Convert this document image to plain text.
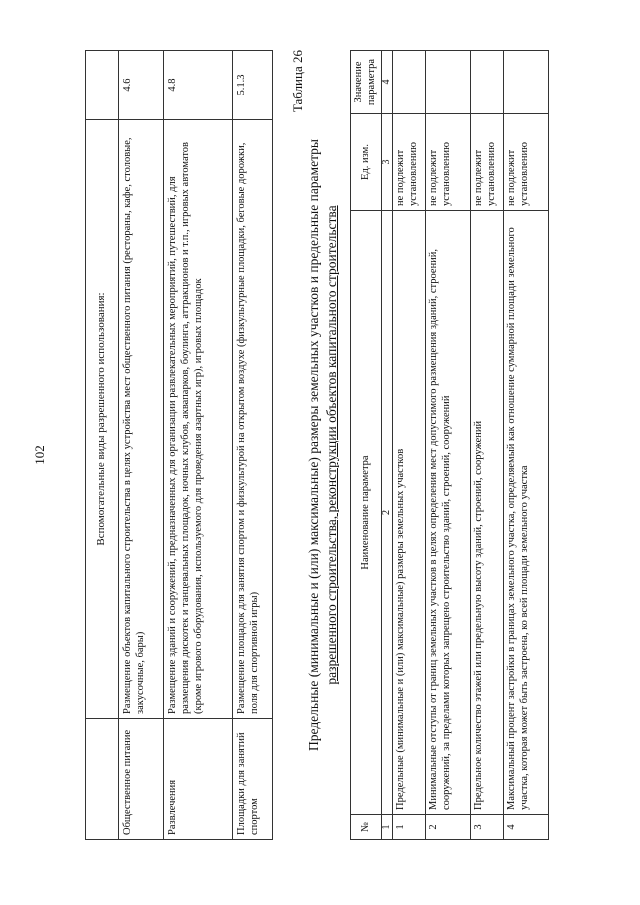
102
		Вспомогательные виды разрешенного использования:	
Общественное питание	Размещение объектов капитального строительства в целях устройства мест общественного питания (рестораны, кафе, столовые, закусочные, бары)	4.6
Развлечения	Размещение зданий и сооружений, предназначенных для организации развлекательных мероприятий, путешествий, для размещения дискотек и танцевальных площадок, ночных клубов, аквапарков, боулинга, аттракционов и т.п., игровых автоматов (кроме игрового оборудования, используемого для проведения азартных игр), игровых площадок	4.8
Площадки для занятий спортом	Размещение площадок для занятия спортом и физкультурой на открытом воздухе (физкультурные площадки, беговые дорожки, поля для спортивной игры)	5.1.3	Таблица 26
Предельные (минимальные и (или) максимальные) размеры земельных участков и предельные параметры разрешенного строительства, реконструкции объектов капитального строительства
№	Наименование параметра	Ед. изм.	Значение параметра
1	2	3	4
1	Предельные (минимальные и (или) максимальные) размеры земельных участков	не подлежит установлению	
2	Минимальные отступы от границ земельных участков в целях определения мест допустимого размещения зданий, строений, сооружений, за пределами которых запрещено строительство зданий, строений, сооружений	не подлежит установлению	
3	Предельное количество этажей или предельную высоту зданий, строений, сооружений	не подлежит установлению	
4	Максимальный процент застройки в границах земельного участка, определяемый как отношение суммарной площади земельного участка, которая может быть застроена, ко всей площади земельного участка	не подлежит установлению	
